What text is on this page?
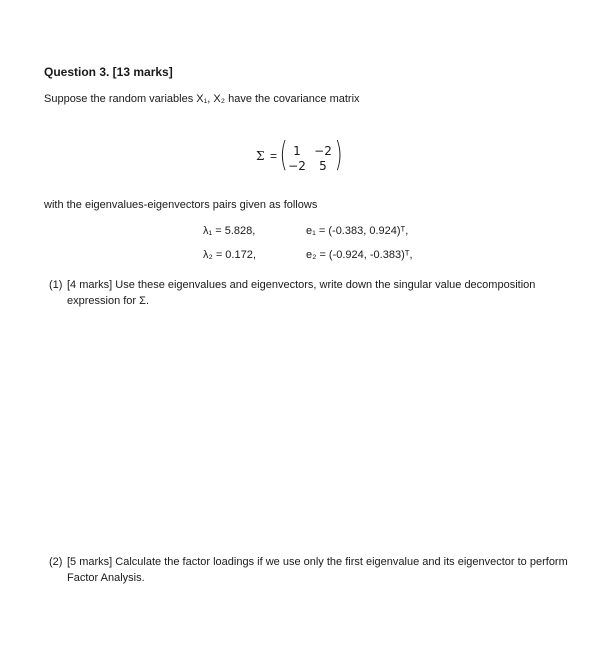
Question 3. [13 marks]
Suppose the random variables X₁, X₂ have the covariance matrix
Σ = ( 1	−2
−2	5 )
with the eigenvalues-eigenvectors pairs given as follows
λ₁ = 5.828,	e₁ = (-0.383, 0.924)ᵀ,
λ₂ = 0.172,	e₂ = (-0.924, -0.383)ᵀ,
(1) [4 marks] Use these eigenvalues and eigenvectors, write down the singular value decomposition expression for Σ.
(2) [5 marks] Calculate the factor loadings if we use only the first eigenvalue and its eigenvector to perform Factor Analysis.
